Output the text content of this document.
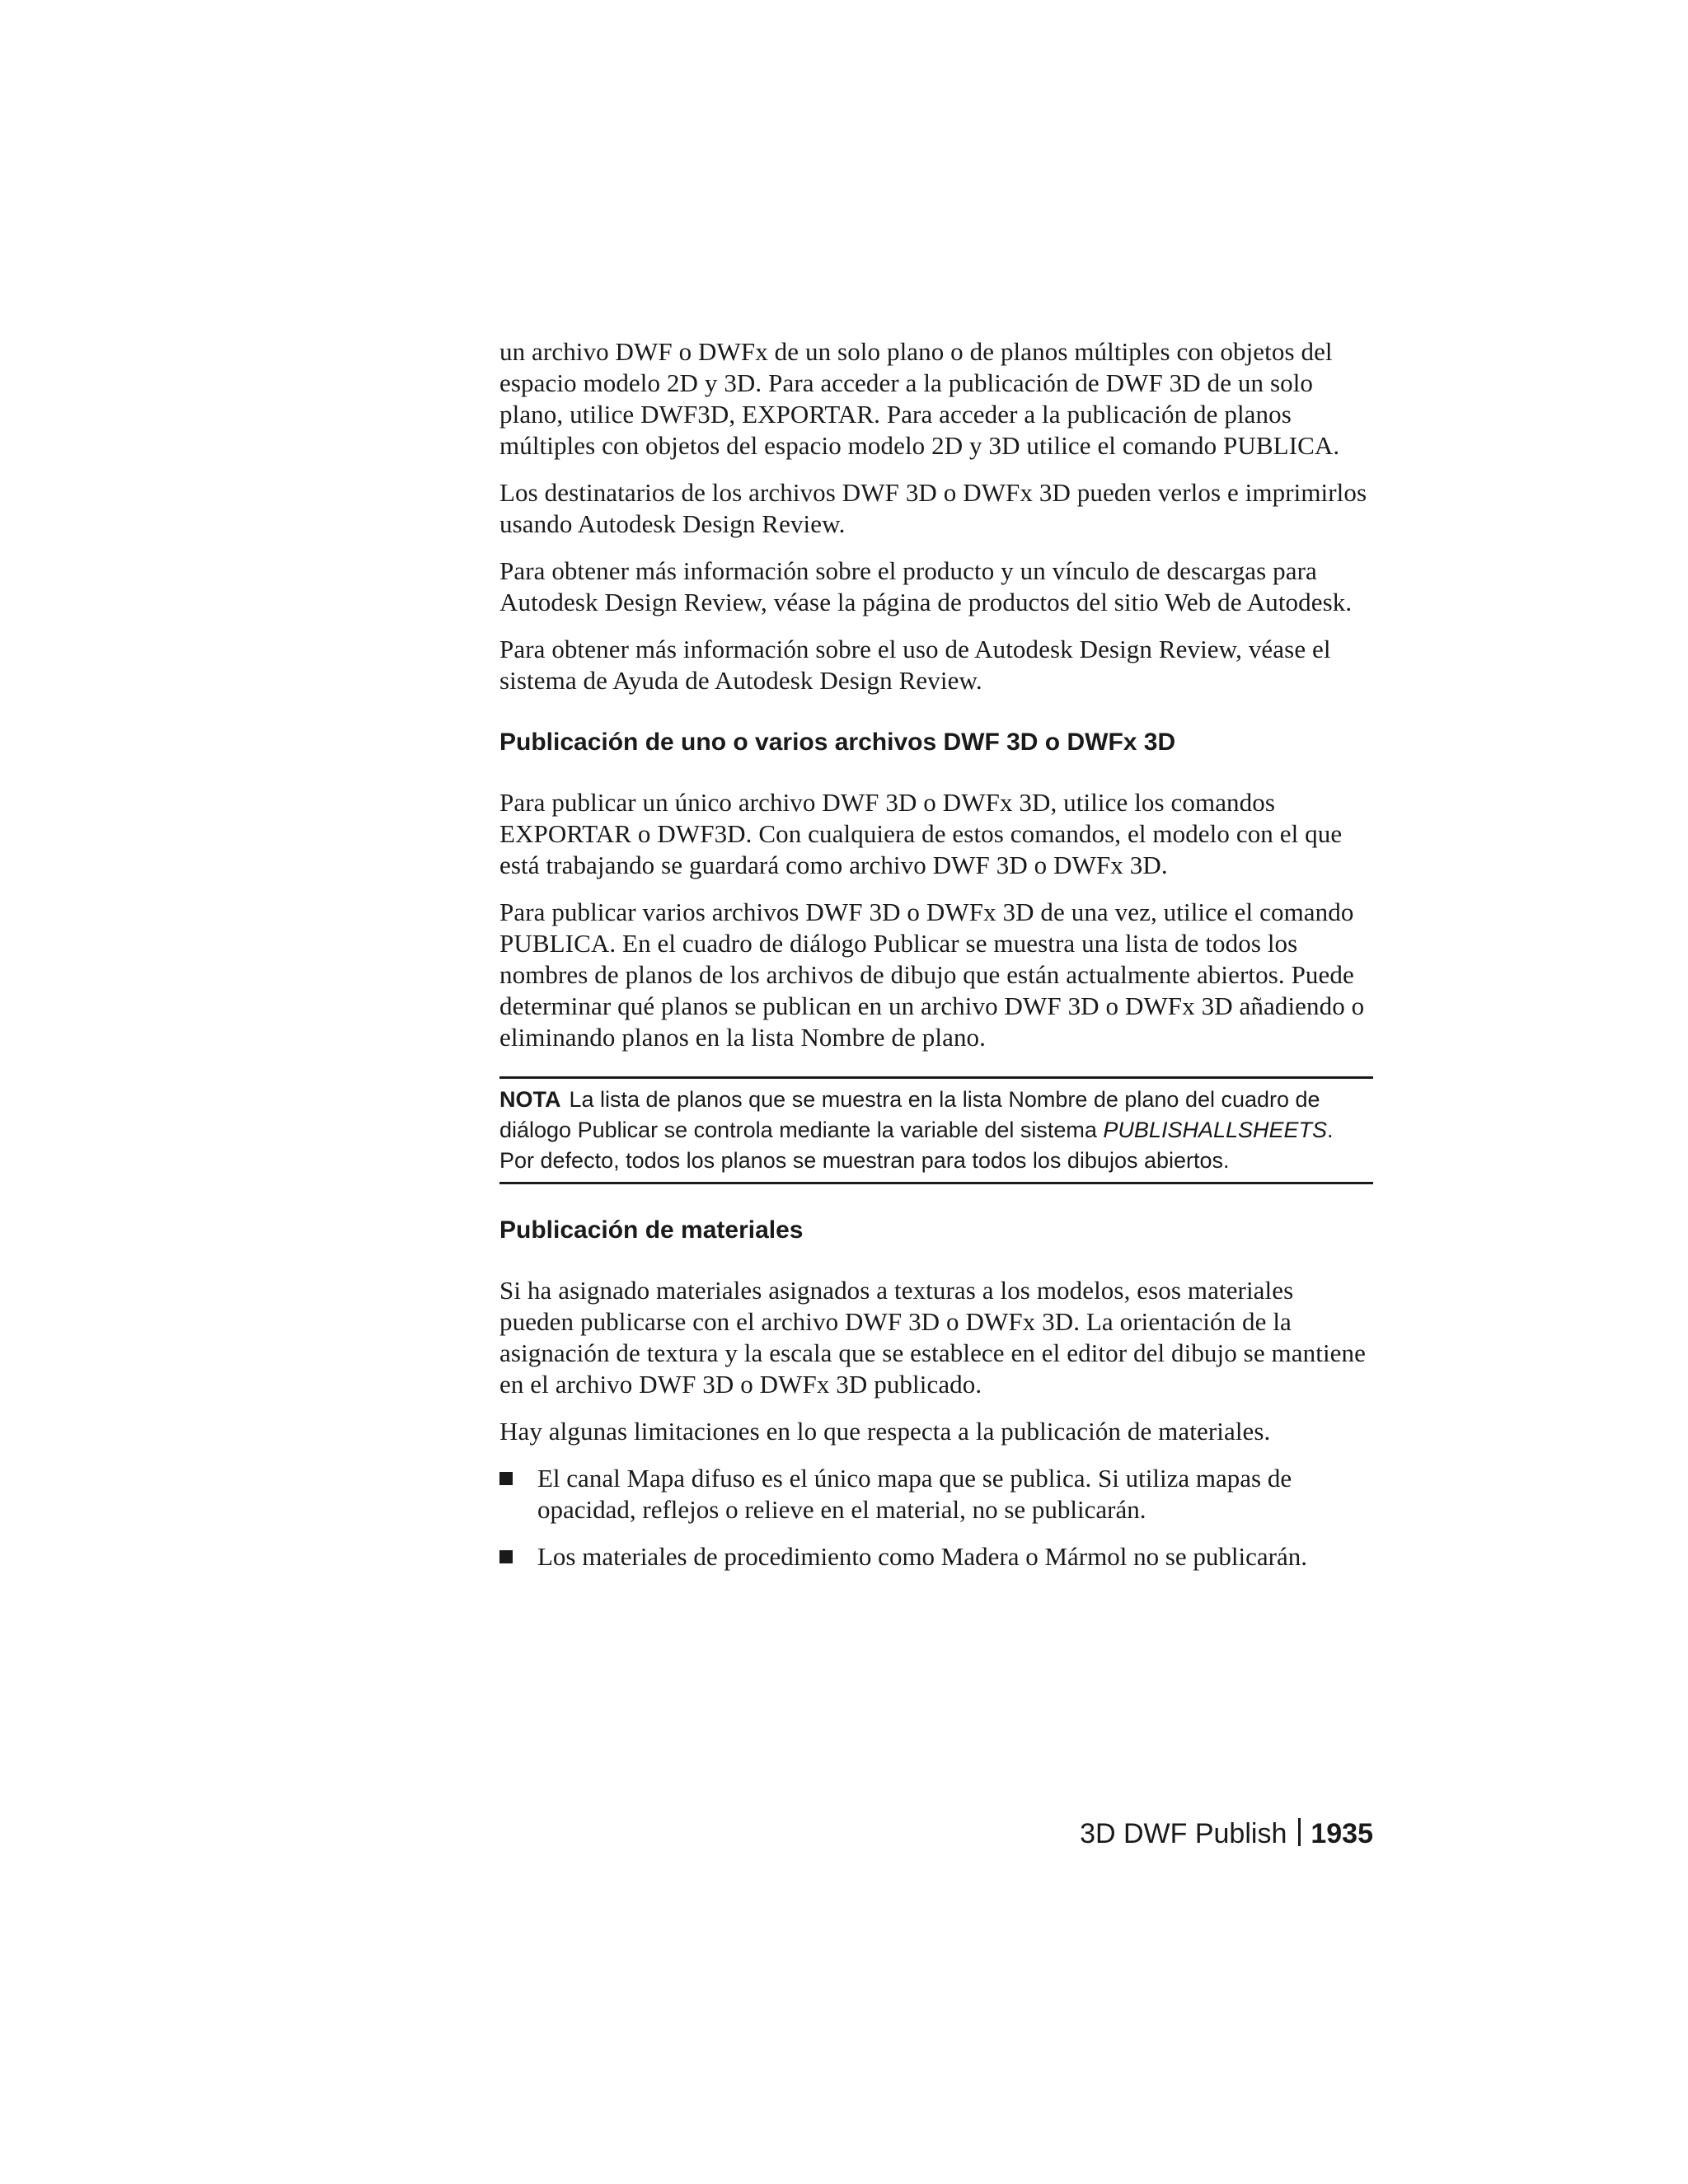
un archivo DWF o DWFx de un solo plano o de planos múltiples con objetos del espacio modelo 2D y 3D. Para acceder a la publicación de DWF 3D de un solo plano, utilice DWF3D, EXPORTAR. Para acceder a la publicación de planos múltiples con objetos del espacio modelo 2D y 3D utilice el comando PUBLICA.

Los destinatarios de los archivos DWF 3D o DWFx 3D pueden verlos e imprimirlos usando Autodesk Design Review.

Para obtener más información sobre el producto y un vínculo de descargas para Autodesk Design Review, véase la página de productos del sitio Web de Autodesk.

Para obtener más información sobre el uso de Autodesk Design Review, véase el sistema de Ayuda de Autodesk Design Review.

Publicación de uno o varios archivos DWF 3D o DWFx 3D

Para publicar un único archivo DWF 3D o DWFx 3D, utilice los comandos EXPORTAR o DWF3D. Con cualquiera de estos comandos, el modelo con el que está trabajando se guardará como archivo DWF 3D o DWFx 3D.

Para publicar varios archivos DWF 3D o DWFx 3D de una vez, utilice el comando PUBLICA. En el cuadro de diálogo Publicar se muestra una lista de todos los nombres de planos de los archivos de dibujo que están actualmente abiertos. Puede determinar qué planos se publican en un archivo DWF 3D o DWFx 3D añadiendo o eliminando planos en la lista Nombre de plano.

NOTA La lista de planos que se muestra en la lista Nombre de plano del cuadro de diálogo Publicar se controla mediante la variable del sistema PUBLISHALLSHEETS. Por defecto, todos los planos se muestran para todos los dibujos abiertos.
Publicación de materiales

Si ha asignado materiales asignados a texturas a los modelos, esos materiales pueden publicarse con el archivo DWF 3D o DWFx 3D. La orientación de la asignación de textura y la escala que se establece en el editor del dibujo se mantiene en el archivo DWF 3D o DWFx 3D publicado.

Hay algunas limitaciones en lo que respecta a la publicación de materiales.

El canal Mapa difuso es el único mapa que se publica. Si utiliza mapas de opacidad, reflejos o relieve en el material, no se publicarán.
Los materiales de procedimiento como Madera o Mármol no se publicarán.
3D DWF Publish 1935
